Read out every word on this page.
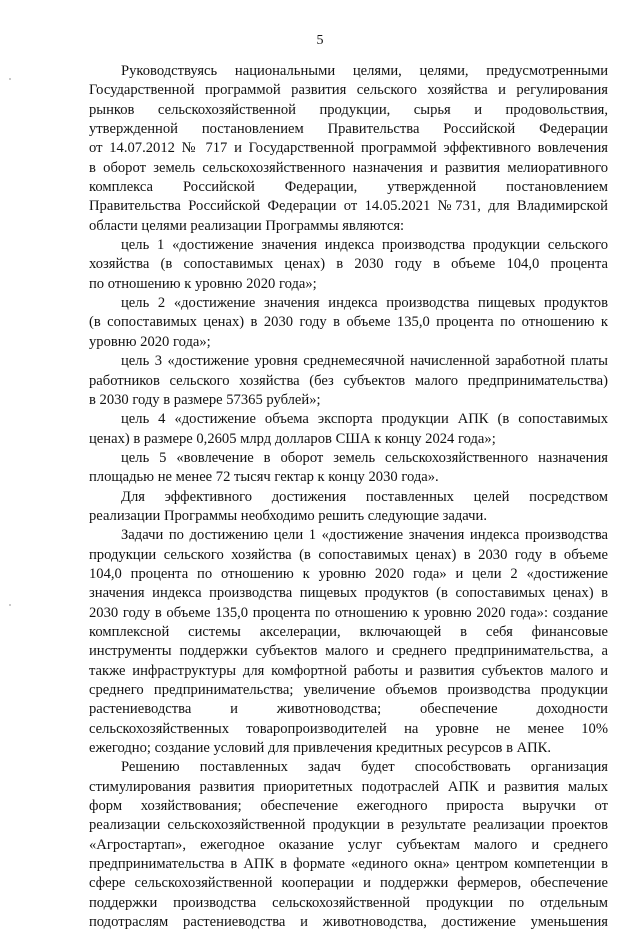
5
Руководствуясь национальными целями, целями, предусмотренными
Государственной программой развития сельского хозяйства и регулирования
рынков сельскохозяйственной продукции, сырья и продовольствия,
утвержденной постановлением Правительства Российской Федерации
от 14.07.2012 № 717 и Государственной программой эффективного вовлечения
в оборот земель сельскохозяйственного назначения и развития мелиоративного
комплекса Российской Федерации, утвержденной постановлением
Правительства Российской Федерации от 14.05.2021 №731, для Владимирской
области целями реализации Программы являются:
цель 1 «достижение значения индекса производства продукции сельского
хозяйства (в сопоставимых ценах) в 2030 году в объеме 104,0 процента
по отношению к уровню 2020 года»;
цель 2 «достижение значения индекса производства пищевых продуктов
(в сопоставимых ценах) в 2030 году в объеме 135,0 процента по отношению к
уровню 2020 года»;
цель 3 «достижение уровня среднемесячной начисленной заработной платы
работников сельского хозяйства (без субъектов малого предпринимательства)
в 2030 году в размере 57365 рублей»;
цель 4 «достижение объема экспорта продукции АПК (в сопоставимых
ценах) в размере 0,2605 млрд долларов США к концу 2024 года»;
цель 5 «вовлечение в оборот земель сельскохозяйственного назначения
площадью не менее 72 тысяч гектар к концу 2030 года».
Для эффективного достижения поставленных целей посредством
реализации Программы необходимо решить следующие задачи.
Задачи по достижению цели 1 «достижение значения индекса производства
продукции сельского хозяйства (в сопоставимых ценах) в 2030 году в объеме
104,0 процента по отношению к уровню 2020 года» и цели 2 «достижение
значения индекса производства пищевых продуктов (в сопоставимых ценах) в
2030 году в объеме 135,0 процента по отношению к уровню 2020 года»: создание
комплексной системы акселерации, включающей в себя финансовые
инструменты поддержки субъектов малого и среднего предпринимательства, а
также инфраструктуры для комфортной работы и развития субъектов малого и
среднего предпринимательства; увеличение объемов производства продукции
растениеводства и животноводства; обеспечение доходности
сельскохозяйственных товаропроизводителей на уровне не менее 10%
ежегодно; создание условий для привлечения кредитных ресурсов в АПК.
Решению поставленных задач будет способствовать организация
стимулирования развития приоритетных подотраслей АПК и развития малых
форм хозяйствования; обеспечение ежегодного прироста выручки от
реализации сельскохозяйственной продукции в результате реализации проектов
«Агростартап», ежегодное оказание услуг субъектам малого и среднего
предпринимательства в АПК в формате «единого окна» центром компетенции в
сфере сельскохозяйственной кооперации и поддержки фермеров, обеспечение
поддержки производства сельскохозяйственной продукции по отдельным
подотраслям растениеводства и животноводства, достижение уменьшения
